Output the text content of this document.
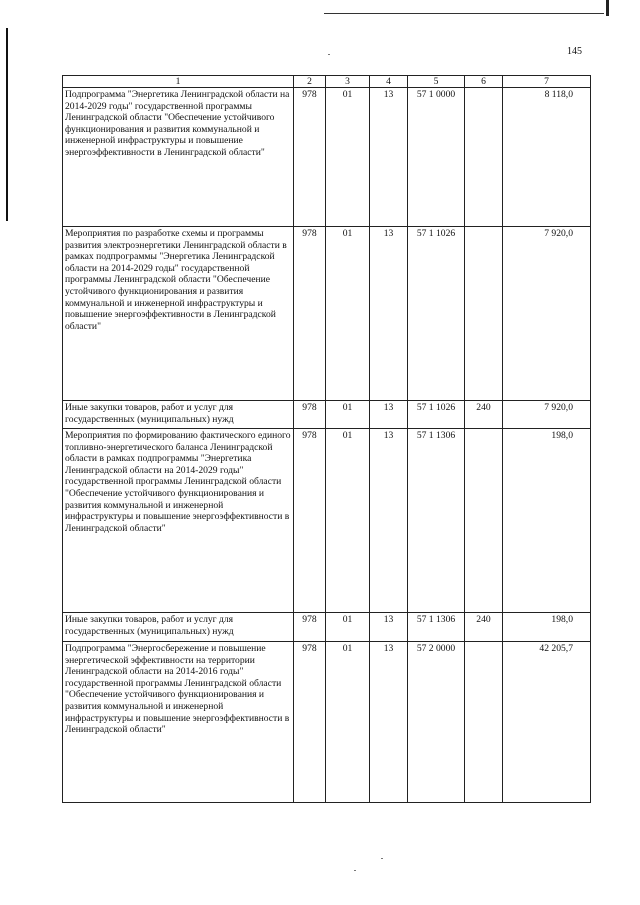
145
1	2	3	4	5	6	7
Подпрограмма "Энергетика Ленинградской области на 2014-2029 годы" государственной программы Ленинградской области "Обеспечение устойчивого функционирования и развития коммунальной и инженерной инфраструктуры и повышение энергоэффективности в Ленинградской области"	978	01	13	57 1 0000		8 118,0
Мероприятия по разработке схемы и программы развития электроэнергетики Ленинградской области в рамках подпрограммы "Энергетика Ленинградской области на 2014-2029 годы" государственной программы Ленинградской области "Обеспечение устойчивого функционирования и развития коммунальной и инженерной инфраструктуры и повышение энергоэффективности в Ленинградской области"	978	01	13	57 1 1026		7 920,0
Иные закупки товаров, работ и услуг для государственных (муниципальных) нужд	978	01	13	57 1 1026	240	7 920,0
Мероприятия по формированию фактического единого топливно-энергетического баланса Ленинградской области в рамках подпрограммы "Энергетика Ленинградской области на 2014-2029 годы" государственной программы Ленинградской области "Обеспечение устойчивого функционирования и развития коммунальной и инженерной инфраструктуры и повышение энергоэффективности в Ленинградской области"	978	01	13	57 1 1306		198,0
Иные закупки товаров, работ и услуг для государственных (муниципальных) нужд	978	01	13	57 1 1306	240	198,0
Подпрограмма "Энергосбережение и повышение энергетической эффективности на территории Ленинградской области на 2014-2016 годы" государственной программы Ленинградской области "Обеспечение устойчивого функционирования и развития коммунальной и инженерной инфраструктуры и повышение энергоэффективности в Ленинградской области"	978	01	13	57 2 0000		42 205,7
